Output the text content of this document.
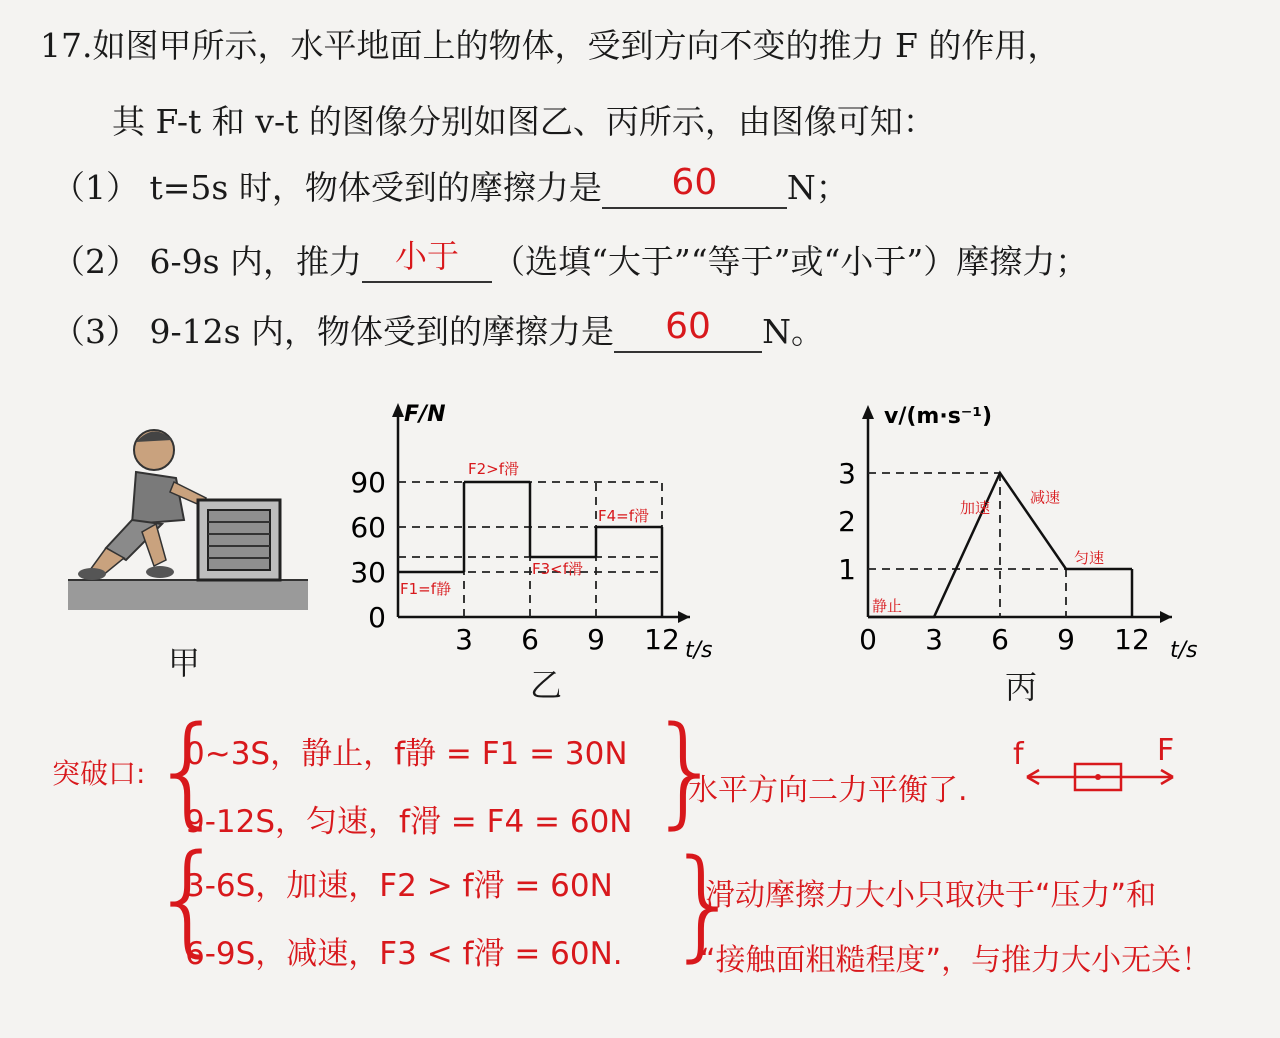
17.如图甲所示，水平地面上的物体，受到方向不变的推力 F 的作用，
其 F-t 和 v-t 的图像分别如图乙、丙所示，由图像可知：
（1） t=5s 时，物体受到的摩擦力是	60	N；
（2） 6-9s 内，推力	小于	（选填“大于”“等于”或“小于”）摩擦力；
（3） 9-12s 内，物体受到的摩擦力是	60	N。
甲
F/N
t/s
3 6 9 12
0
30
60
90
F1=f静
F2>f滑
F3<f滑
F4=f滑
乙
v/(m·s⁻¹)
t/s
0 3 6 9 12
1
2
3
静止
加速
减速
匀速
丙
突破口: {
0~3S，静止，f静 = F1 = 30N
9-12S，匀速，f滑 = F4 = 60N }
水平方向二力平衡了.
f	F
{
3-6S，加速，F2 > f滑 = 60N
6-9S，减速，F3 < f滑 = 60N. }
滑动摩擦力大小只取决于“压力”和
“接触面粗糙程度”，与推力大小无关！
